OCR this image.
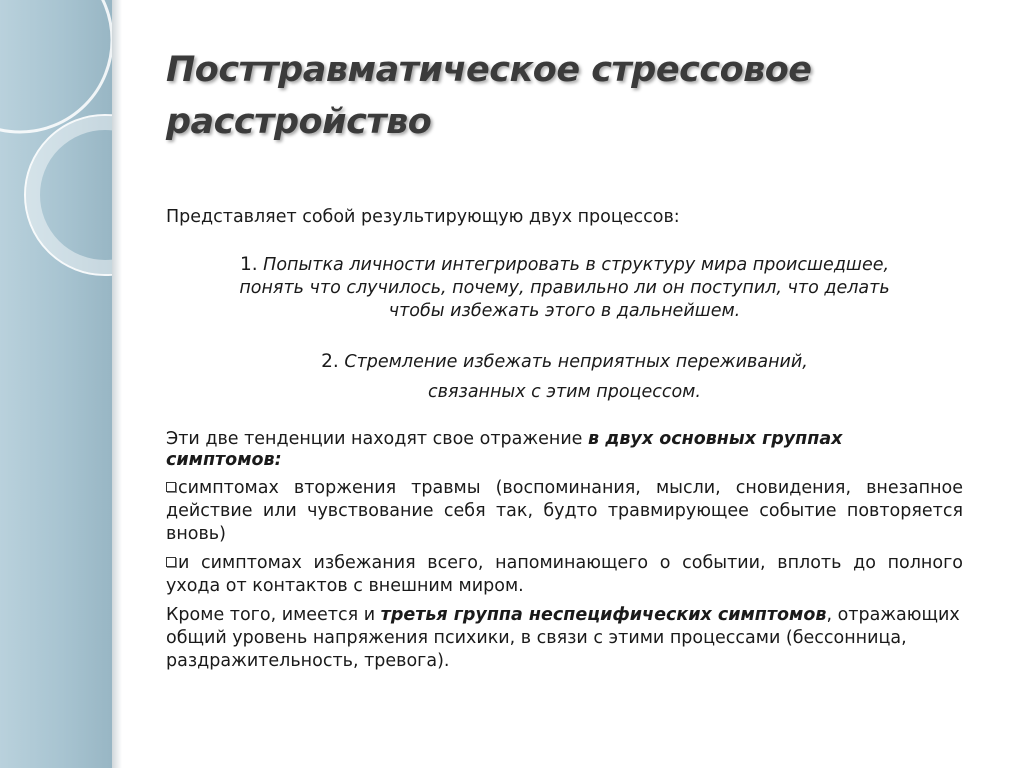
Посттравматическое стрессовое
расстройство

Представляет собой результирующую двух процессов:

1. Попытка личности интегрировать в структуру мира происшедшее,
понять что случилось, почему, правильно ли он поступил, что делать
чтобы избежать этого в дальнейшем.

2. Стремление избежать неприятных переживаний,
связанных с этим процессом.

Эти две тенденции находят свое отражение в двух основных группах симптомов:

симптомах вторжения травмы (воспоминания, мысли, сновидения, внезапное действие или чувствование себя так, будто травмирующее событие повторяется вновь)

и симптомах избежания всего, напоминающего о событии, вплоть до полного ухода от контактов с внешним миром.

Кроме того, имеется и третья группа неспецифических симптомов, отражающих общий уровень напряжения психики, в связи с этими процессами (бессонница, раздражительность, тревога).
